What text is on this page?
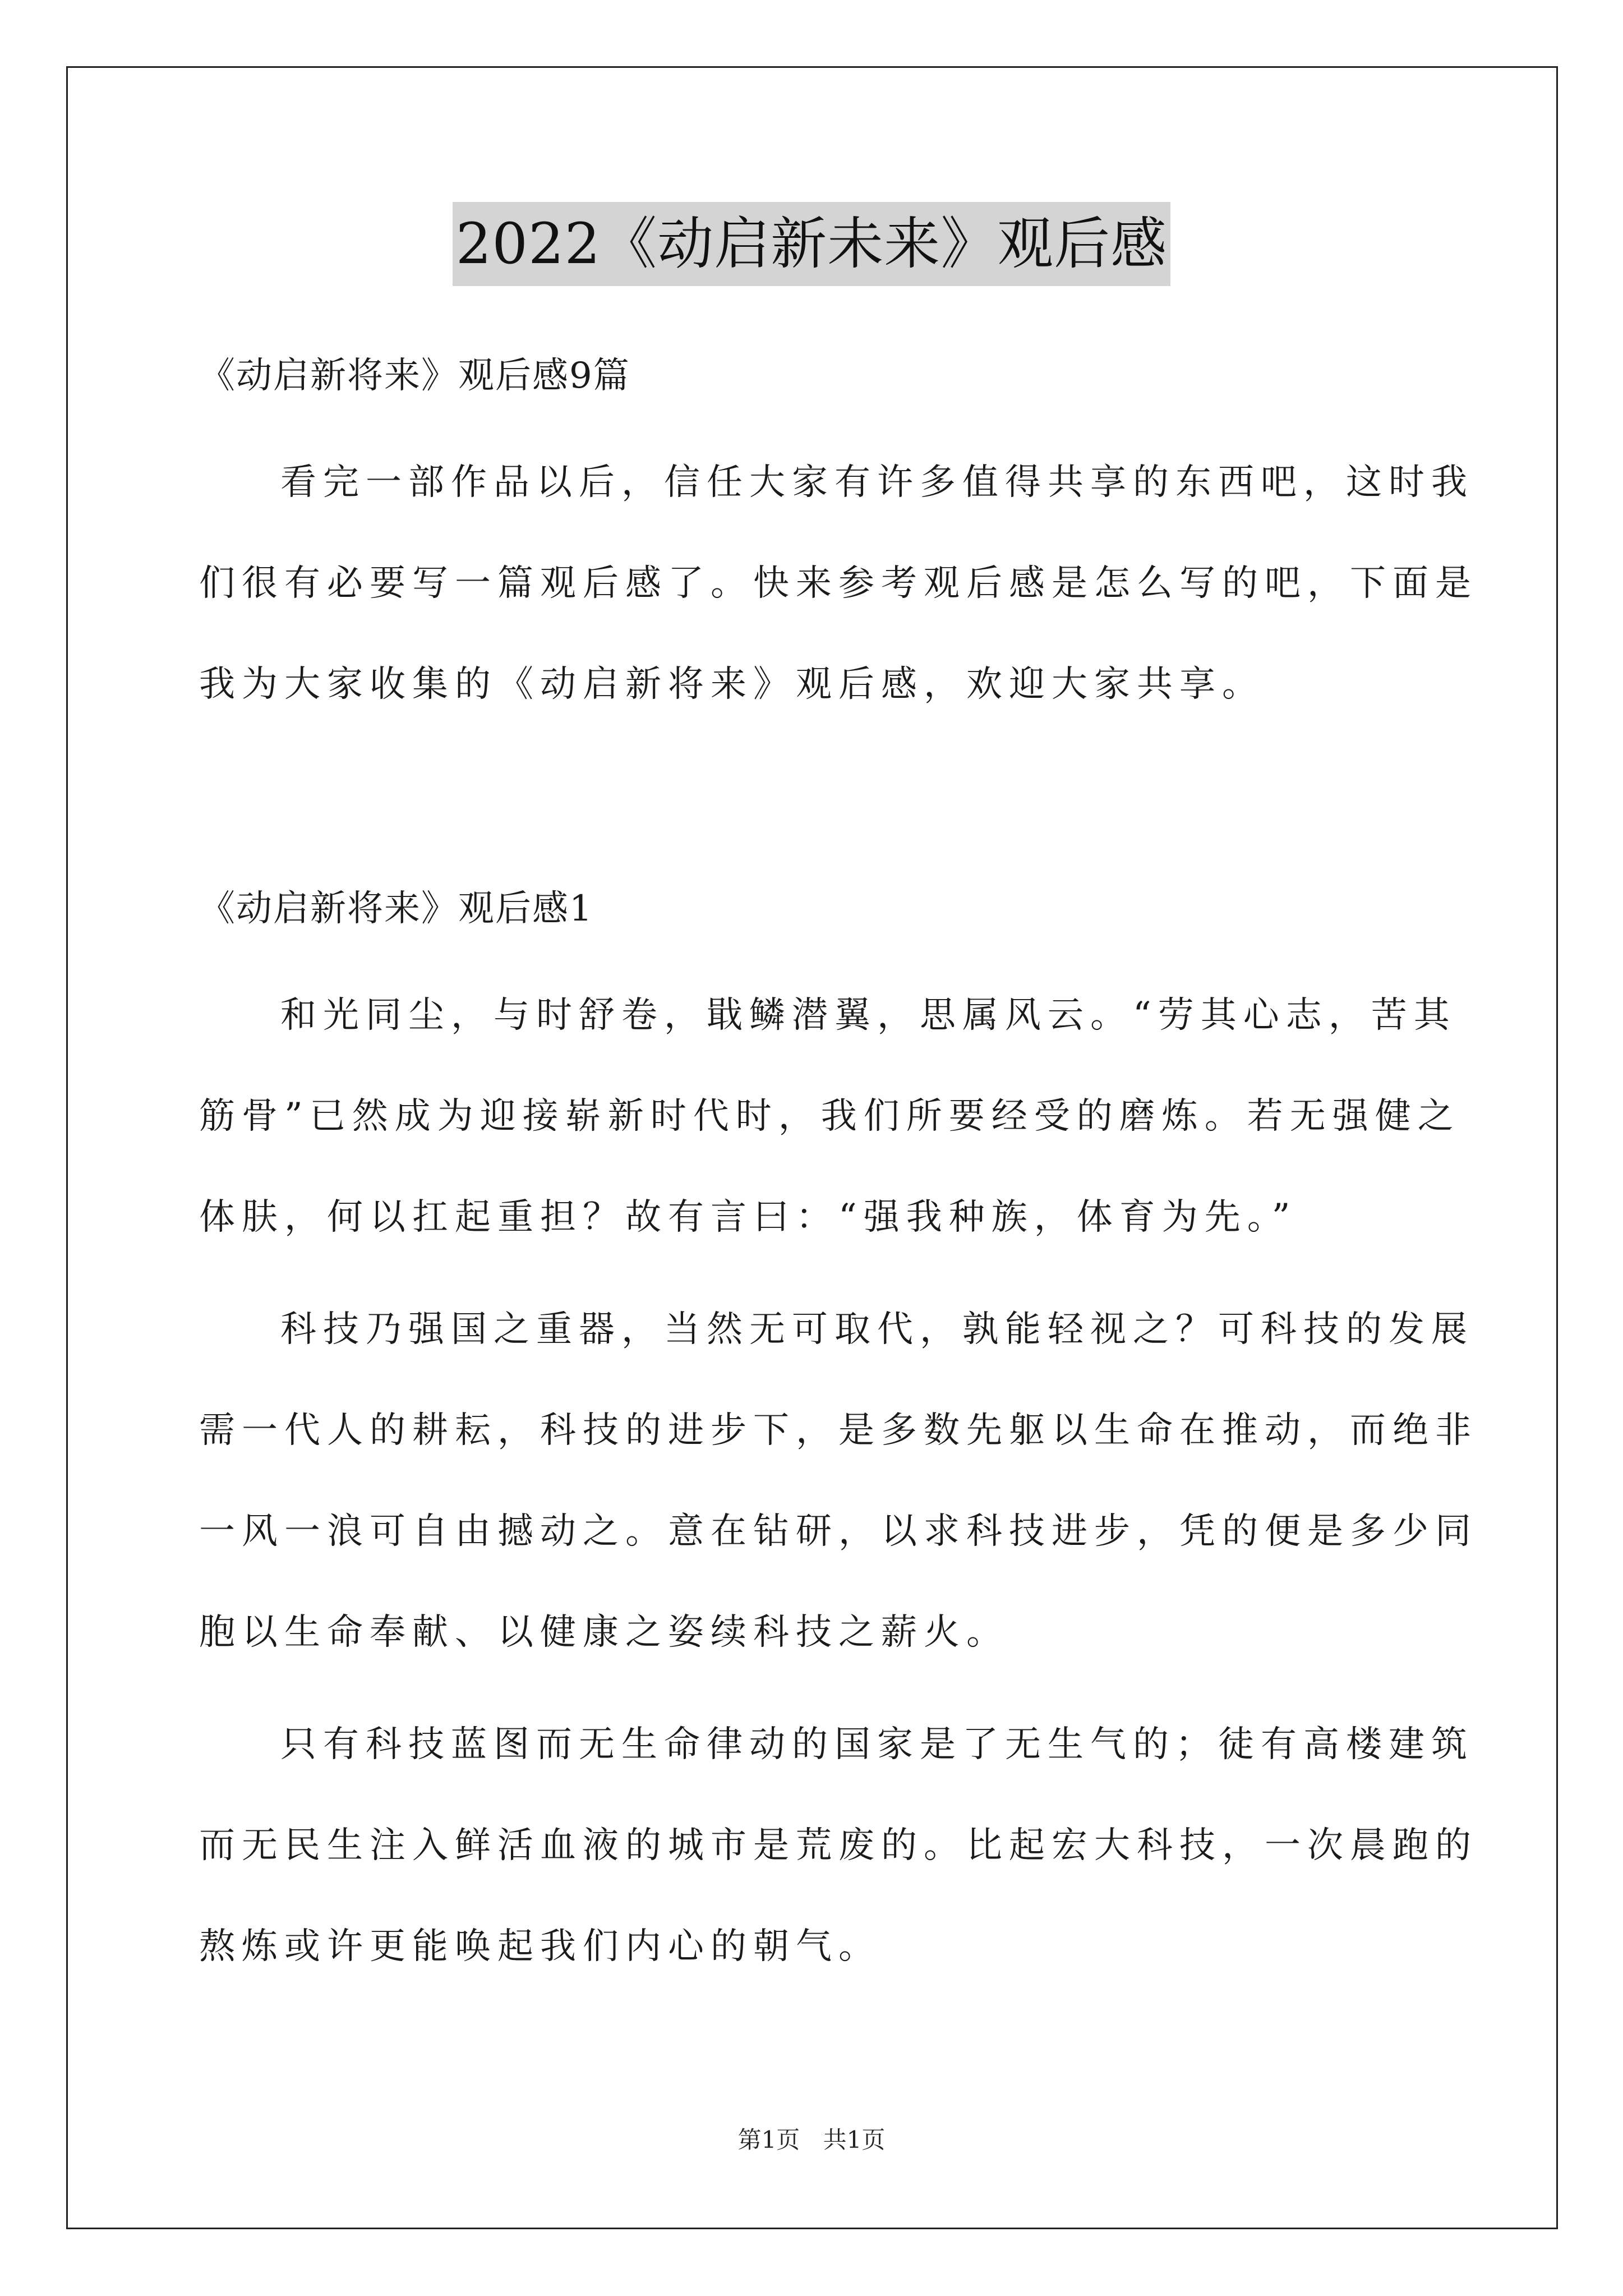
2022《动启新未来》观后感
《动启新将来》观后感9篇
看完一部作品以后，信任大家有许多值得共享的东西吧，这时我
们很有必要写一篇观后感了。快来参考观后感是怎么写的吧，下面是
我为大家收集的《动启新将来》观后感，欢迎大家共享。
《动启新将来》观后感1
和光同尘，与时舒卷，戢鳞潜翼，思属风云。“劳其心志，苦其
筋骨”已然成为迎接崭新时代时，我们所要经受的磨炼。若无强健之
体肤，何以扛起重担？故有言曰：“强我种族，体育为先。”
科技乃强国之重器，当然无可取代，孰能轻视之？可科技的发展
需一代人的耕耘，科技的进步下，是多数先躯以生命在推动，而绝非
一风一浪可自由撼动之。意在钻研，以求科技进步，凭的便是多少同
胞以生命奉献、以健康之姿续科技之薪火。
只有科技蓝图而无生命律动的国家是了无生气的；徒有高楼建筑
而无民生注入鲜活血液的城市是荒废的。比起宏大科技，一次晨跑的
熬炼或许更能唤起我们内心的朝气。
第1页 共1页
